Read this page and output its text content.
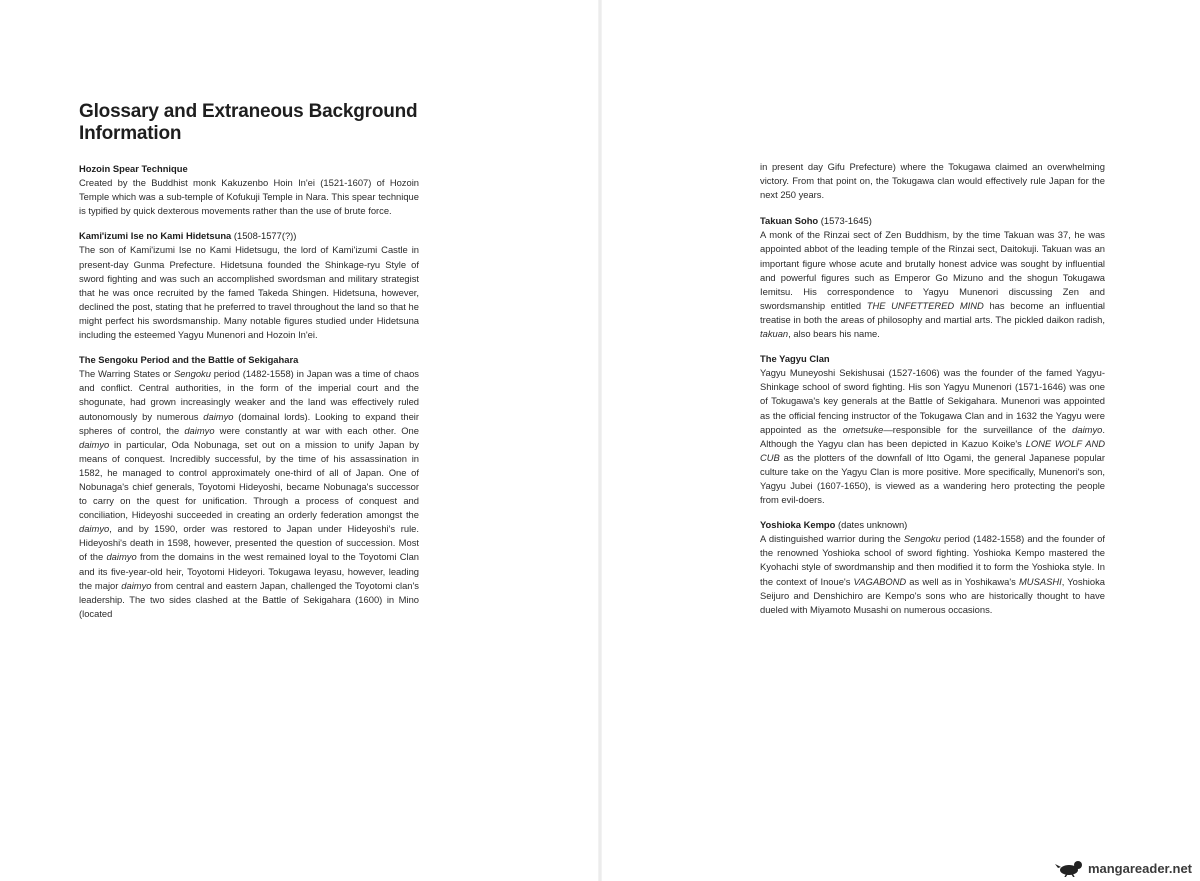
Glossary and Extraneous Background Information
Hozoin Spear Technique

Created by the Buddhist monk Kakuzenbo Hoin In'ei (1521-1607) of Hozoin Temple which was a sub-temple of Kofukuji Temple in Nara. This spear technique is typified by quick dexterous movements rather than the use of brute force.

Kami'izumi Ise no Kami Hidetsuna (1508-1577(?))

The son of Kami'izumi Ise no Kami Hidetsugu, the lord of Kami'izumi Castle in present-day Gunma Prefecture. Hidetsuna founded the Shinkage-ryu Style of sword fighting and was such an accomplished swordsman and military strategist that he was once recruited by the famed Takeda Shingen. Hidetsuna, however, declined the post, stating that he preferred to travel throughout the land so that he might perfect his swordsmanship. Many notable figures studied under Hidetsuna including the esteemed Yagyu Munenori and Hozoin In'ei.

The Sengoku Period and the Battle of Sekigahara

The Warring States or Sengoku period (1482-1558) in Japan was a time of chaos and conflict. Central authorities, in the form of the imperial court and the shogunate, had grown increasingly weaker and the land was effectively ruled autonomously by numerous daimyo (domainal lords). Looking to expand their spheres of control, the daimyo were constantly at war with each other. One daimyo in particular, Oda Nobunaga, set out on a mission to unify Japan by means of conquest. Incredibly successful, by the time of his assassination in 1582, he managed to control approximately one-third of all of Japan. One of Nobunaga's chief generals, Toyotomi Hideyoshi, became Nobunaga's successor to carry on the quest for unification. Through a process of conquest and conciliation, Hideyoshi succeeded in creating an orderly federation amongst the daimyo, and by 1590, order was restored to Japan under Hideyoshi's rule. Hideyoshi's death in 1598, however, presented the question of succession. Most of the daimyo from the domains in the west remained loyal to the Toyotomi Clan and its five-year-old heir, Toyotomi Hideyori. Tokugawa Ieyasu, however, leading the major daimyo from central and eastern Japan, challenged the Toyotomi clan's leadership. The two sides clashed at the Battle of Sekigahara (1600) in Mino (located

in present day Gifu Prefecture) where the Tokugawa claimed an overwhelming victory. From that point on, the Tokugawa clan would effectively rule Japan for the next 250 years.

Takuan Soho (1573-1645)

A monk of the Rinzai sect of Zen Buddhism, by the time Takuan was 37, he was appointed abbot of the leading temple of the Rinzai sect, Daitokuji. Takuan was an important figure whose acute and brutally honest advice was sought by influential and powerful figures such as Emperor Go Mizuno and the shogun Tokugawa Iemitsu. His correspondence to Yagyu Munenori discussing Zen and swordsmanship entitled THE UNFETTERED MIND has become an influential treatise in both the areas of philosophy and martial arts. The pickled daikon radish, takuan, also bears his name.

The Yagyu Clan

Yagyu Muneyoshi Sekishusai (1527-1606) was the founder of the famed Yagyu-Shinkage school of sword fighting. His son Yagyu Munenori (1571-1646) was one of Tokugawa's key generals at the Battle of Sekigahara. Munenori was appointed as the official fencing instructor of the Tokugawa Clan and in 1632 the Yagyu were appointed as the ometsuke—responsible for the surveillance of the daimyo. Although the Yagyu clan has been depicted in Kazuo Koike's LONE WOLF AND CUB as the plotters of the downfall of Itto Ogami, the general Japanese popular culture take on the Yagyu Clan is more positive. More specifically, Munenori's son, Yagyu Jubei (1607-1650), is viewed as a wandering hero protecting the people from evil-doers.

Yoshioka Kempo (dates unknown)

A distinguished warrior during the Sengoku period (1482-1558) and the founder of the renowned Yoshioka school of sword fighting. Yoshioka Kempo mastered the Kyohachi style of swordmanship and then modified it to form the Yoshioka style. In the context of Inoue's VAGABOND as well as in Yoshikawa's MUSASHI, Yoshioka Seijuro and Denshichiro are Kempo's sons who are historically thought to have dueled with Miyamoto Musashi on numerous occasions.

mangareader.net
